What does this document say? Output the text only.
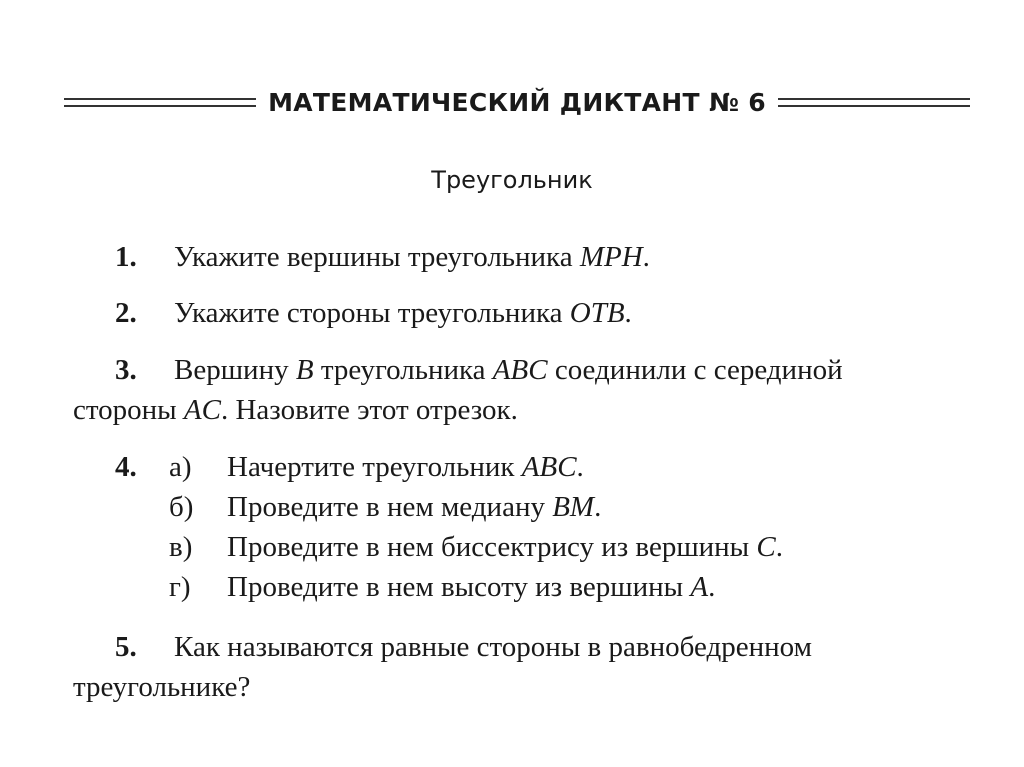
МАТЕМАТИЧЕСКИЙ ДИКТАНТ № 6
Треугольник
1. Укажите вершины треугольника MPH.
2. Укажите стороны треугольника OTB.
3. Вершину B треугольника ABC соединили с серединой
стороны AC. Назовите этот отрезок.
4.	а) Начертите треугольник ABC.
б) Проведите в нем медиану BM.
в) Проведите в нем биссектрису из вершины C.
г) Проведите в нем высоту из вершины A.
5. Как называются равные стороны в равнобедренном
треугольнике?
